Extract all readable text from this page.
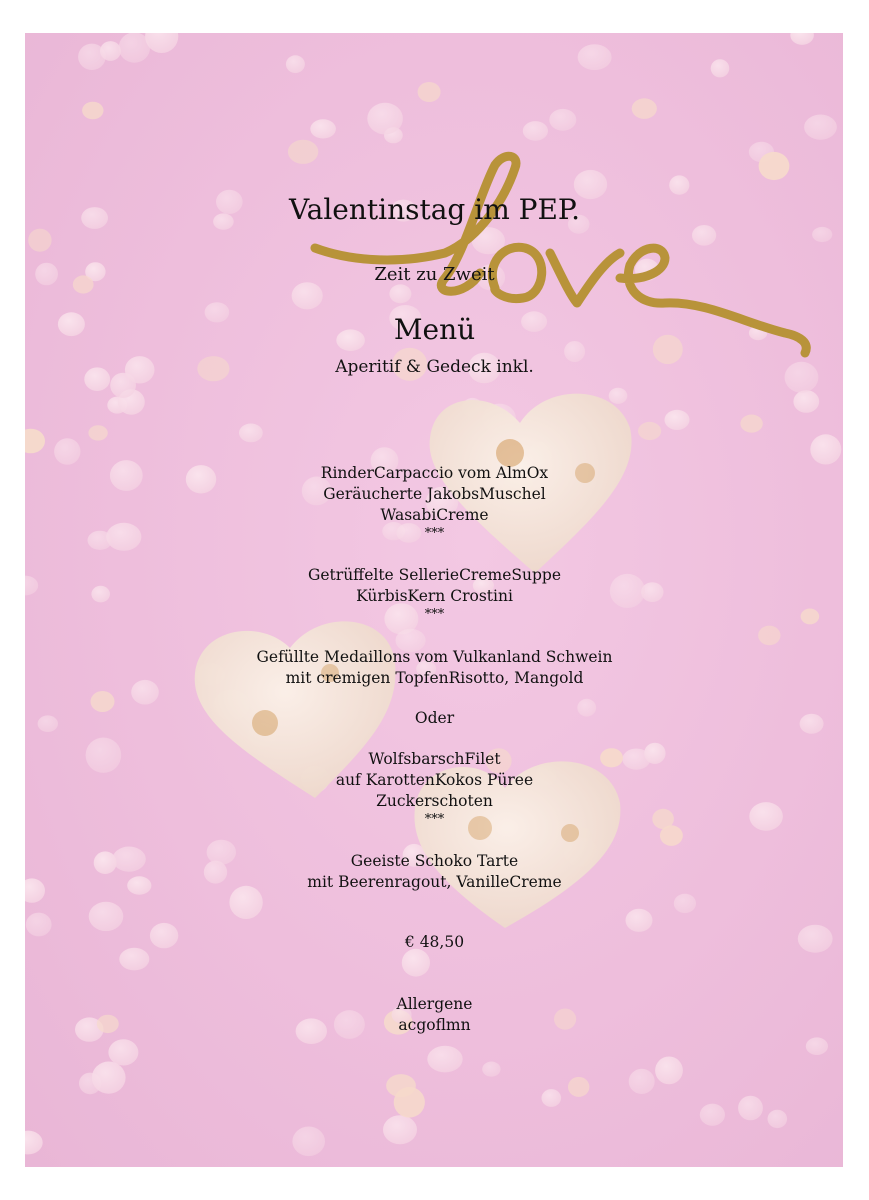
Valentinstag im PEP.
Zeit zu Zweit
Menü
Aperitif & Gedeck inkl.
RinderCarpaccio vom AlmOx
Geräucherte JakobsMuschel
WasabiCreme
***
Getrüffelte SellerieCremeSuppe
KürbisKern Crostini
***
Gefüllte Medaillons vom Vulkanland Schwein
mit cremigen TopfenRisotto, Mangold
Oder
WolfsbarschFilet
auf KarottenKokos Püree
Zuckerschoten
***
Geeiste Schoko Tarte
mit Beerenragout, VanilleCreme
€ 48,50
Allergene
acgoflmn
